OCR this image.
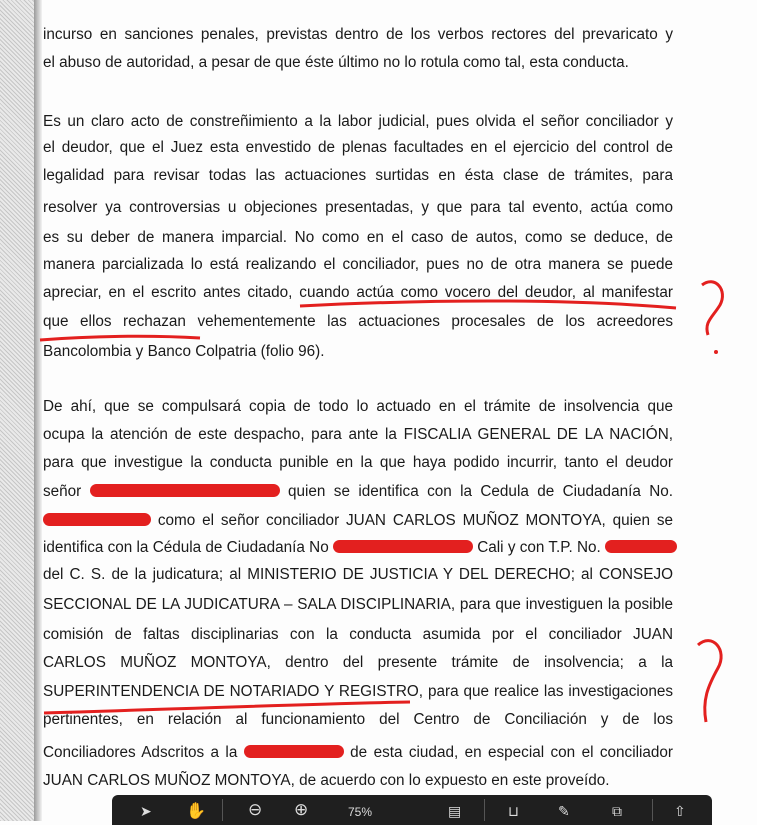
incurso en sanciones penales, previstas dentro de los verbos rectores del prevaricato y
el abuso de autoridad, a pesar de que éste último no lo rotula como tal, esta conducta.
Es un claro acto de constreñimiento a la labor judicial, pues olvida el señor conciliador y
el deudor, que el Juez esta envestido de plenas facultades en el ejercicio del control de
legalidad para revisar todas las actuaciones surtidas en ésta clase de trámites, para
resolver ya controversias u objeciones presentadas, y que para tal evento, actúa como
es su deber de manera imparcial. No como en el caso de autos, como se deduce, de
manera parcializada lo está realizando el conciliador, pues no de otra manera se puede
apreciar, en el escrito antes citado, cuando actúa como vocero del deudor, al manifestar
que ellos rechazan vehementemente las actuaciones procesales de los acreedores
Bancolombia y Banco Colpatria (folio 96).
De ahí, que se compulsará copia de todo lo actuado en el trámite de insolvencia que
ocupa la atención de este despacho, para ante la FISCALIA GENERAL DE LA NACIÓN,
para que investigue la conducta punible en la que haya podido incurrir, tanto el deudor
señor	quien se identifica con la Cedula de Ciudadanía No.
como el señor conciliador JUAN CARLOS MUÑOZ MONTOYA, quien se
identifica con la Cédula de Ciudadanía No	Cali y con T.P. No.
del C. S. de la judicatura; al MINISTERIO DE JUSTICIA Y DEL DERECHO; al CONSEJO
SECCIONAL DE LA JUDICATURA – SALA DISCIPLINARIA, para que investiguen la posible
comisión de faltas disciplinarias con la conducta asumida por el conciliador JUAN
CARLOS MUÑOZ MONTOYA, dentro del presente trámite de insolvencia; a la
SUPERINTENDENCIA DE NOTARIADO Y REGISTRO, para que realice las investigaciones
pertinentes, en relación al funcionamiento del Centro de Conciliación y de los
Conciliadores Adscritos a la	de esta ciudad, en especial con el conciliador
JUAN CARLOS MUÑOZ MONTOYA, de acuerdo con lo expuesto en este proveído.
➤ ✋ ⊖ ⊕	75%	▤	⊔	✎	⧉	⇧
